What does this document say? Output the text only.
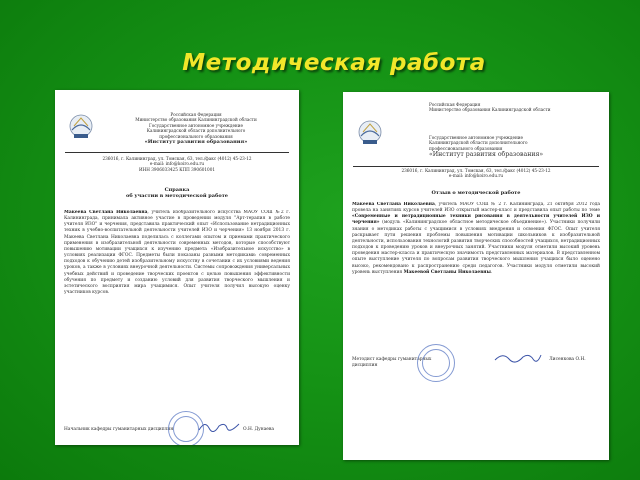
Методическая работа
Российская Федерация
Министерство образования Калининградской области
Государственное автономное учреждение
Калининградской области дополнительного
профессионального образования
«Институт развития образования»
236016, г. Калининград, ул. Томская, 63, тел./факс (4012) 45-23-12
e-mail: info@koiro.edu.ru
ИНН 3906033425 КПП 390601001
Справка
об участии в методической работе
Макеева Светлана Николаевна, учитель изобразительного искусства МАОУ СОШ №2 г. Калининграда, принимала активное участие в проведении модуля "Арт-терапия в работе учителя ИЗО" и черчения, представила практический опыт «Использование нетрадиционных техник в учебно-воспитательной деятельности учителей ИЗО и черчения» 13 ноября 2013 г. Макеева Светлана Николаевна поделилась с коллегами опытом и приемами практического применения в изобразительной деятельности современных методов, которые способствуют повышению мотивации учащихся к изучению предмета «Изобразительное искусство» в условиях реализации ФГОС. Предметы были показаны разными методиками: современных подходов к обучению детей изобразительному искусству в сочетании с их условиями ведения уроков, а также в условиях внеурочной деятельности. Системы сопровождения универсальных учебных действий и проведение творческих проектов с целью повышения эффективности обучения по предмету и созданию условий для развития творческого мышления и эстетического восприятия мира учащимися. Опыт учителя получил высокую оценку участников курсов.
Начальник кафедры гуманитарных дисциплин	О.Н. Дунаева
Российская Федерация
Министерство образования Калининградской области
Государственное автономное учреждение
Калининградской области дополнительного
профессионального образования
«Институт развития образования»
236016, г. Калининград, ул. Томская, 63, тел./факс (4012) 45-23-12
e-mail: info@koiro.edu.ru
Отзыв о методической работе
Макеева Светлана Николаевна, учитель МАОУ СОШ № 2 г. Калининграда, 21 октября 2012 года провела на занятиях курсов учителей ИЗО открытый мастер-класс и представила опыт работы по теме «Современные и нетрадиционные техники рисования в деятельности учителей ИЗО и черчения» (модуль «Калининградское областное методическое объединение»). Участники получили знания о методиках работы с учащимися в условиях внедрения и освоения ФГОС. Опыт учителя раскрывает пути решения проблемы повышения мотивации школьников к изобразительной деятельности, использования технологий развития творческих способностей учащихся, нетрадиционных подходов к проведению уроков и внеурочных занятий. Участники модуля отметили высокий уровень проведения мастер-класса и практическую значимость представленных материалов. В представленном опыте выступление учителя по вопросам развития творческого мышления учащихся было оценено высоко, рекомендовано к распространению среди педагогов. Участники модуля отметили высокий уровень выступления Макеевой Светланы Николаевны.
Методист кафедры гуманитарных дисциплин
Лисенкова О.Н.
